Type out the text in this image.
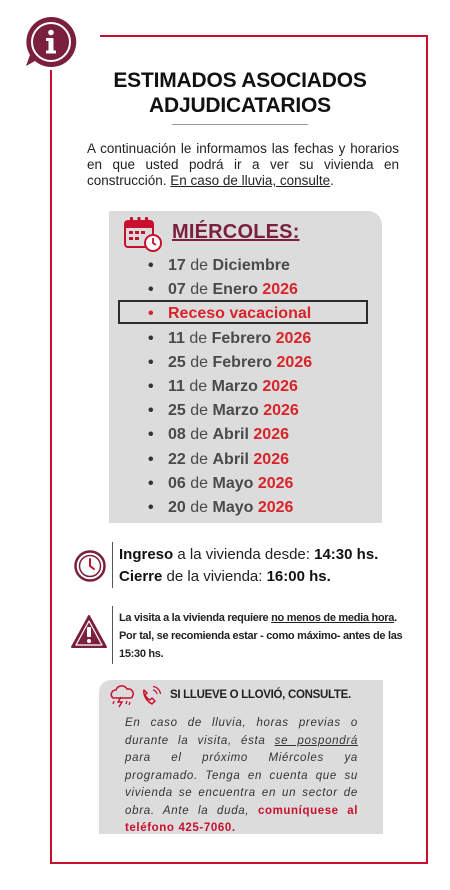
ESTIMADOS ASOCIADOS
ADJUDICATARIOS

A continuación le informamos las fechas y horarios en que usted podrá ir a ver su vivienda en construcción. En caso de lluvia, consulte.

MIÉRCOLES:
• 17 de Diciembre
• 07 de Enero 2026
• Receso vacacional
• 11 de Febrero 2026
• 25 de Febrero 2026
• 11 de Marzo 2026
• 25 de Marzo 2026
• 08 de Abril 2026
• 22 de Abril 2026
• 06 de Mayo 2026
• 20 de Mayo 2026
Ingreso a la vivienda desde: 14:30 hs.
Cierre de la vivienda: 16:00 hs.

La visita a la vivienda requiere no menos de media hora. Por tal, se recomienda estar - como máximo- antes de las 15:30 hs.

SI LLUEVE O LLOVIÓ, CONSULTE.

En caso de lluvia, horas previas o durante la visita, ésta se pospondrá para el próximo Miércoles ya programado. Tenga en cuenta que su vivienda se encuentra en un sector de obra. Ante la duda, comuníquese al teléfono 425-7060.
